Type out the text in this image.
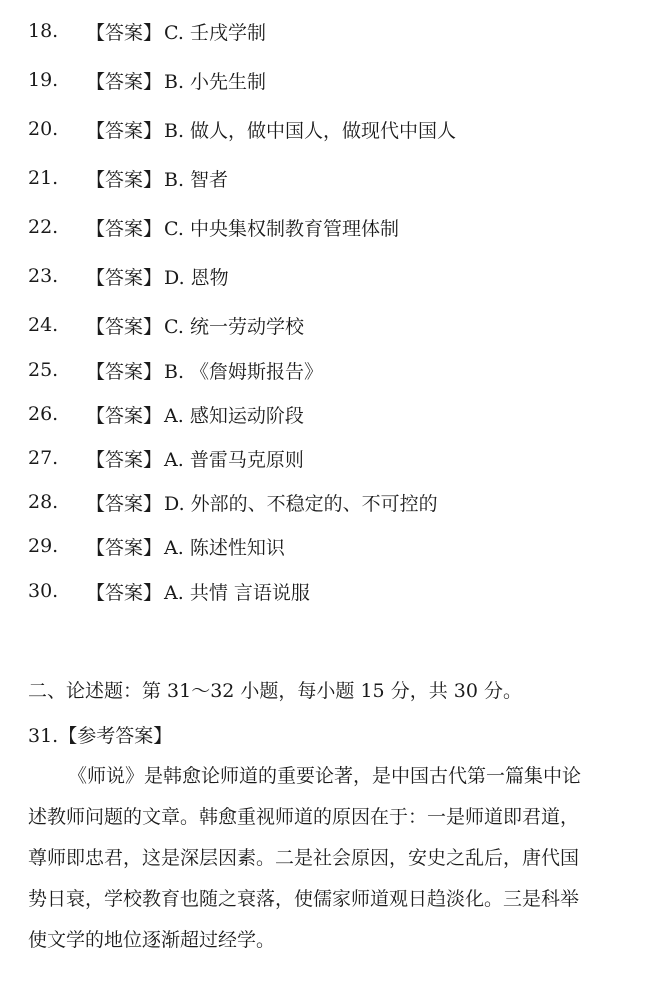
18.	【答案】 C. 壬戌学制
19.	【答案】 B. 小先生制
20.	【答案】 B. 做人，做中国人，做现代中国人
21.	【答案】 B. 智者
22.	【答案】 C. 中央集权制教育管理体制
23.	【答案】 D. 恩物
24.	【答案】 C. 统一劳动学校
25.	【答案】 B. 《詹姆斯报告》
26.	【答案】 A. 感知运动阶段
27.	【答案】 A. 普雷马克原则
28.	【答案】 D. 外部的、不稳定的、不可控的
29.	【答案】 A. 陈述性知识
30.	【答案】 A. 共情 言语说服
二、论述题：第 31～32 小题，每小题 15 分，共 30 分。
31.【参考答案】
《师说》是韩愈论师道的重要论著，是中国古代第一篇集中论
述教师问题的文章。韩愈重视师道的原因在于：一是师道即君道，
尊师即忠君，这是深层因素。二是社会原因，安史之乱后，唐代国
势日衰，学校教育也随之衰落，使儒家师道观日趋淡化。三是科举
使文学的地位逐渐超过经学。
